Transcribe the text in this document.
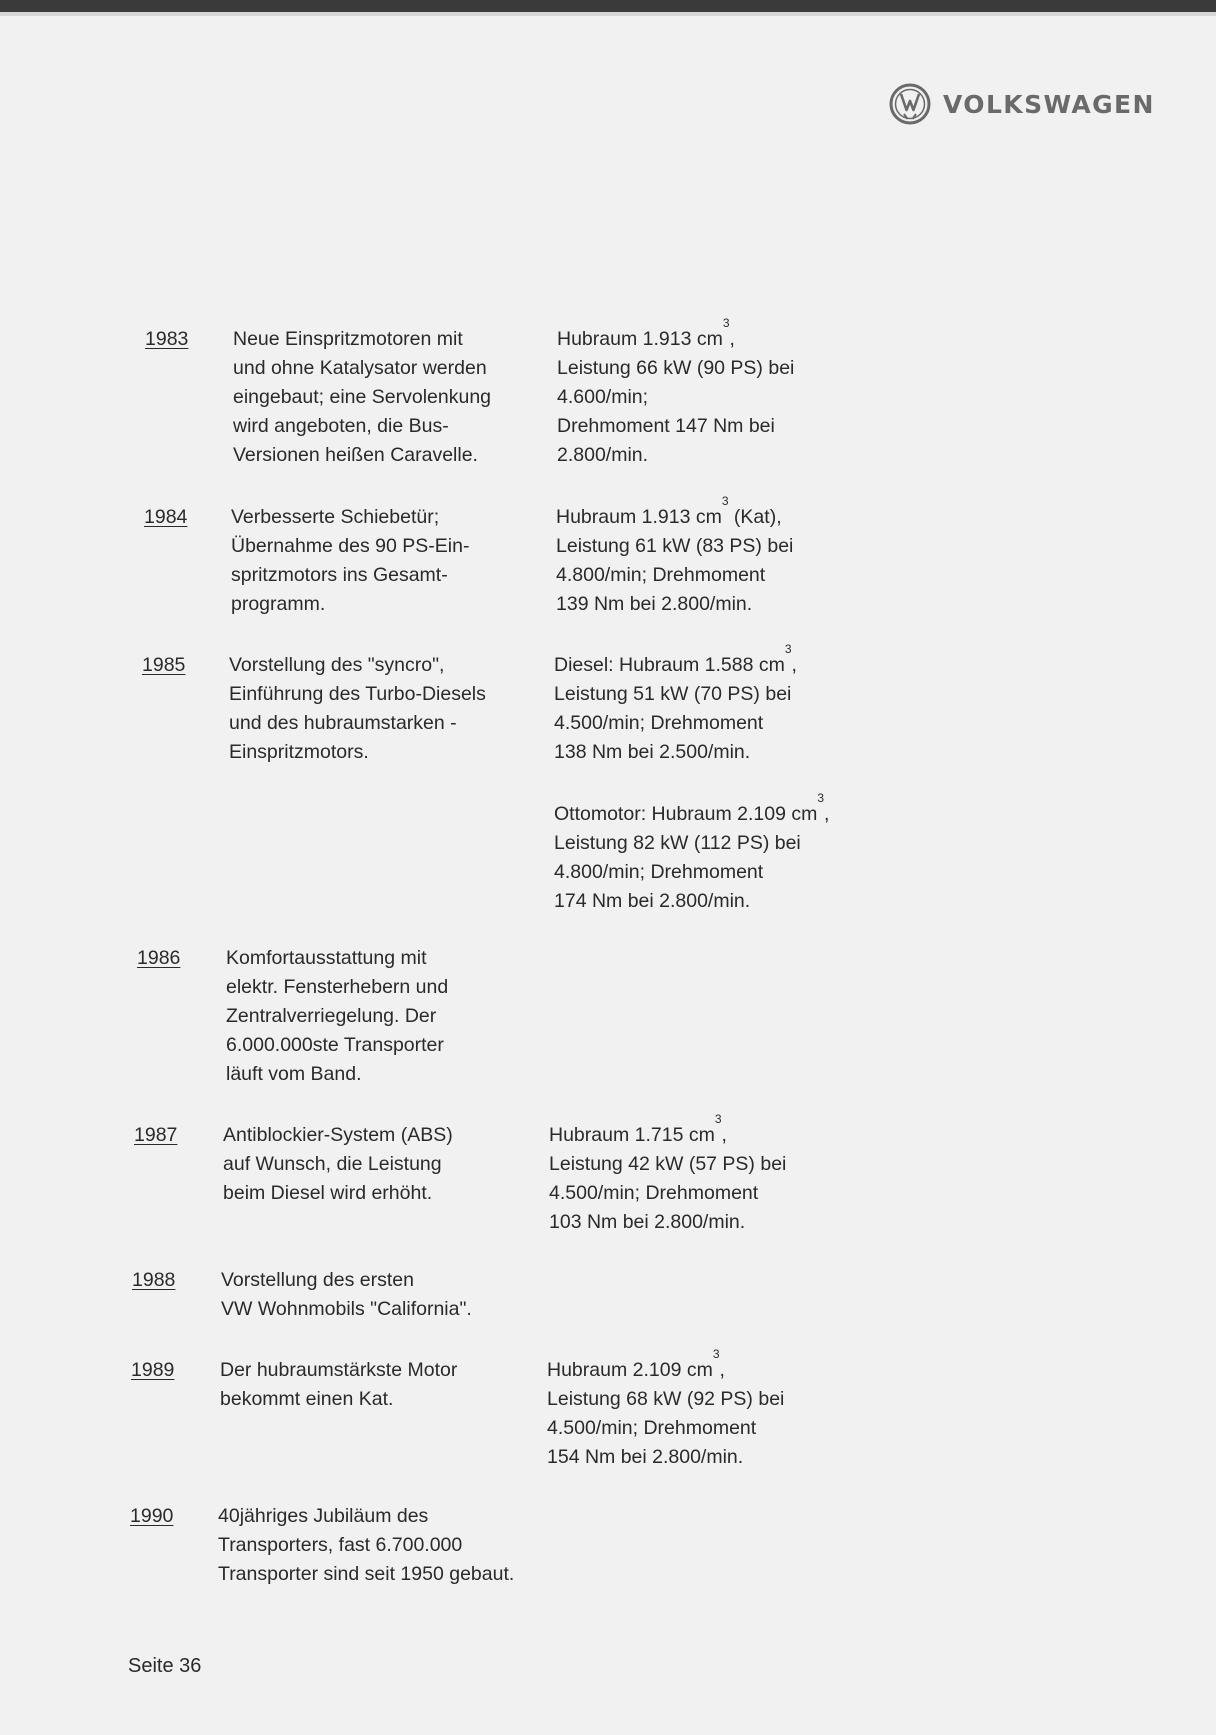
VOLKSWAGEN
1983 Neue Einspritzmotoren mit
und ohne Katalysator werden
eingebaut; eine Servolenkung
wird angeboten, die Bus-
Versionen heißen Caravelle.
Hubraum 1.913 $cm^3$,
Leistung 66 kW (90 PS) bei
4.600/min;
Drehmoment 147 Nm bei
2.800/min.
1984 Verbesserte Schiebetür;
Übernahme des 90 PS-Ein-
spritzmotors ins Gesamt-
programm.
Hubraum 1.913 $cm^3$ (Kat),
Leistung 61 kW (83 PS) bei
4.800/min; Drehmoment
139 Nm bei 2.800/min.
1985 Vorstellung des "syncro",
Einführung des Turbo-Diesels
und des hubraumstarken -
Einspritzmotors.
Diesel: Hubraum 1.588 $cm^3$,
Leistung 51 kW (70 PS) bei
4.500/min; Drehmoment
138 Nm bei 2.500/min.
Ottomotor: Hubraum 2.109 $cm^3$,
Leistung 82 kW (112 PS) bei
4.800/min; Drehmoment
174 Nm bei 2.800/min.
1986 Komfortausstattung mit
elektr. Fensterhebern und
Zentralverriegelung. Der
6.000.000ste Transporter
läuft vom Band.
1987 Antiblockier-System (ABS)
auf Wunsch, die Leistung
beim Diesel wird erhöht.
Hubraum 1.715 $cm^3$,
Leistung 42 kW (57 PS) bei
4.500/min; Drehmoment
103 Nm bei 2.800/min.
1988 Vorstellung des ersten
VW Wohnmobils "California".
1989 Der hubraumstärkste Motor
bekommt einen Kat.
Hubraum 2.109 $cm^3$,
Leistung 68 kW (92 PS) bei
4.500/min; Drehmoment
154 Nm bei 2.800/min.
1990 40jähriges Jubiläum des
Transporters, fast 6.700.000
Transporter sind seit 1950 gebaut.
Seite 36
